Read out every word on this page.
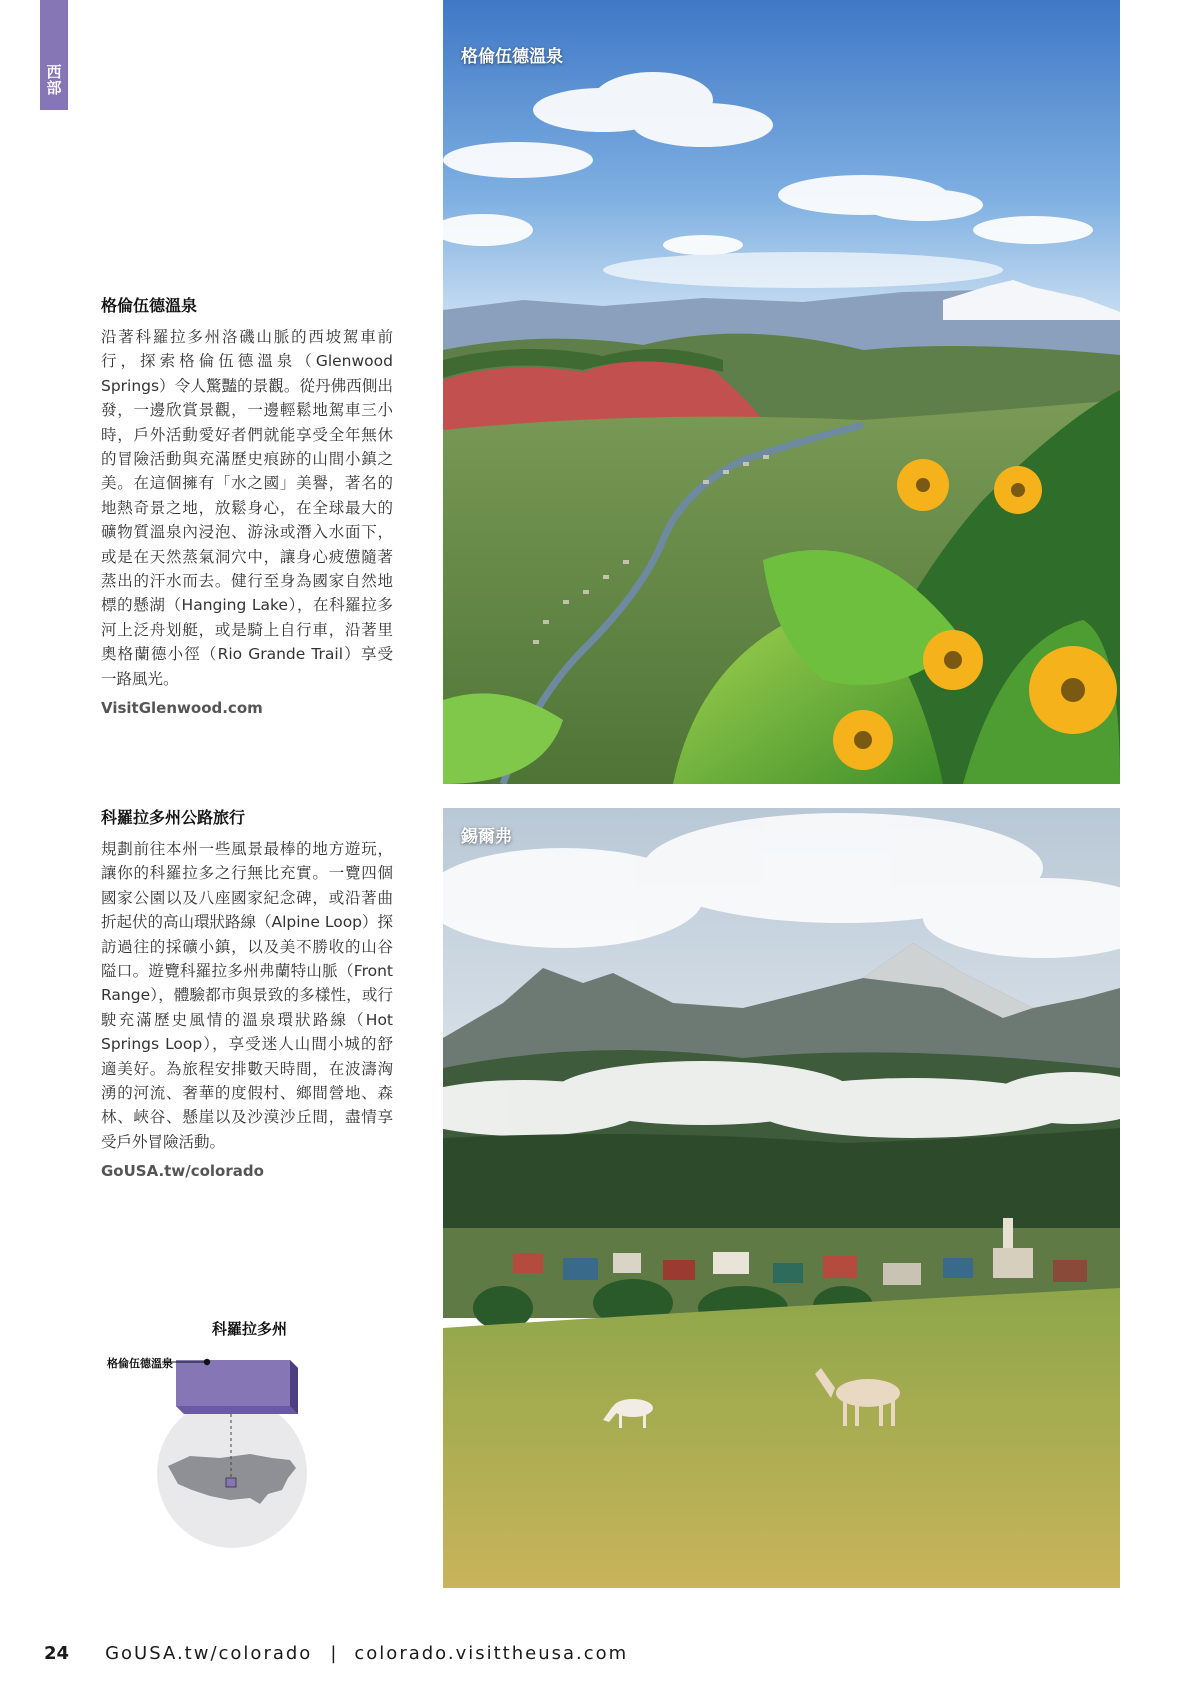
西部
格倫伍德溫泉

沿著科羅拉多州洛磯山脈的西坡駕車前行，探索格倫伍德溫泉（Glenwood Springs）令人驚豔的景觀。從丹佛西側出發，一邊欣賞景觀，一邊輕鬆地駕車三小時，戶外活動愛好者們就能享受全年無休的冒險活動與充滿歷史痕跡的山間小鎮之美。在這個擁有「水之國」美譽，著名的地熱奇景之地，放鬆身心，在全球最大的礦物質溫泉內浸泡、游泳或潛入水面下，或是在天然蒸氣洞穴中，讓身心疲憊隨著蒸出的汗水而去。健行至身為國家自然地標的懸湖（Hanging Lake），在科羅拉多河上泛舟划艇，或是騎上自行車，沿著里奧格蘭德小徑（Rio Grande Trail）享受一路風光。

VisitGlenwood.com
科羅拉多州公路旅行

規劃前往本州一些風景最棒的地方遊玩，讓你的科羅拉多之行無比充實。一覽四個國家公園以及八座國家紀念碑，或沿著曲折起伏的高山環狀路線（Alpine Loop）探訪過往的採礦小鎮，以及美不勝收的山谷隘口。遊覽科羅拉多州弗蘭特山脈（Front Range），體驗都市與景致的多樣性，或行駛充滿歷史風情的溫泉環狀路線（Hot Springs Loop），享受迷人山間小城的舒適美好。為旅程安排數天時間，在波濤洶湧的河流、奢華的度假村、鄉間營地、森林、峽谷、懸崖以及沙漠沙丘間，盡情享受戶外冒險活動。

GoUSA.tw/colorado
格倫伍德溫泉
錫爾弗
科羅拉多州
格倫伍德溫泉
24 GoUSA.tw/colorado | colorado.visittheusa.com
